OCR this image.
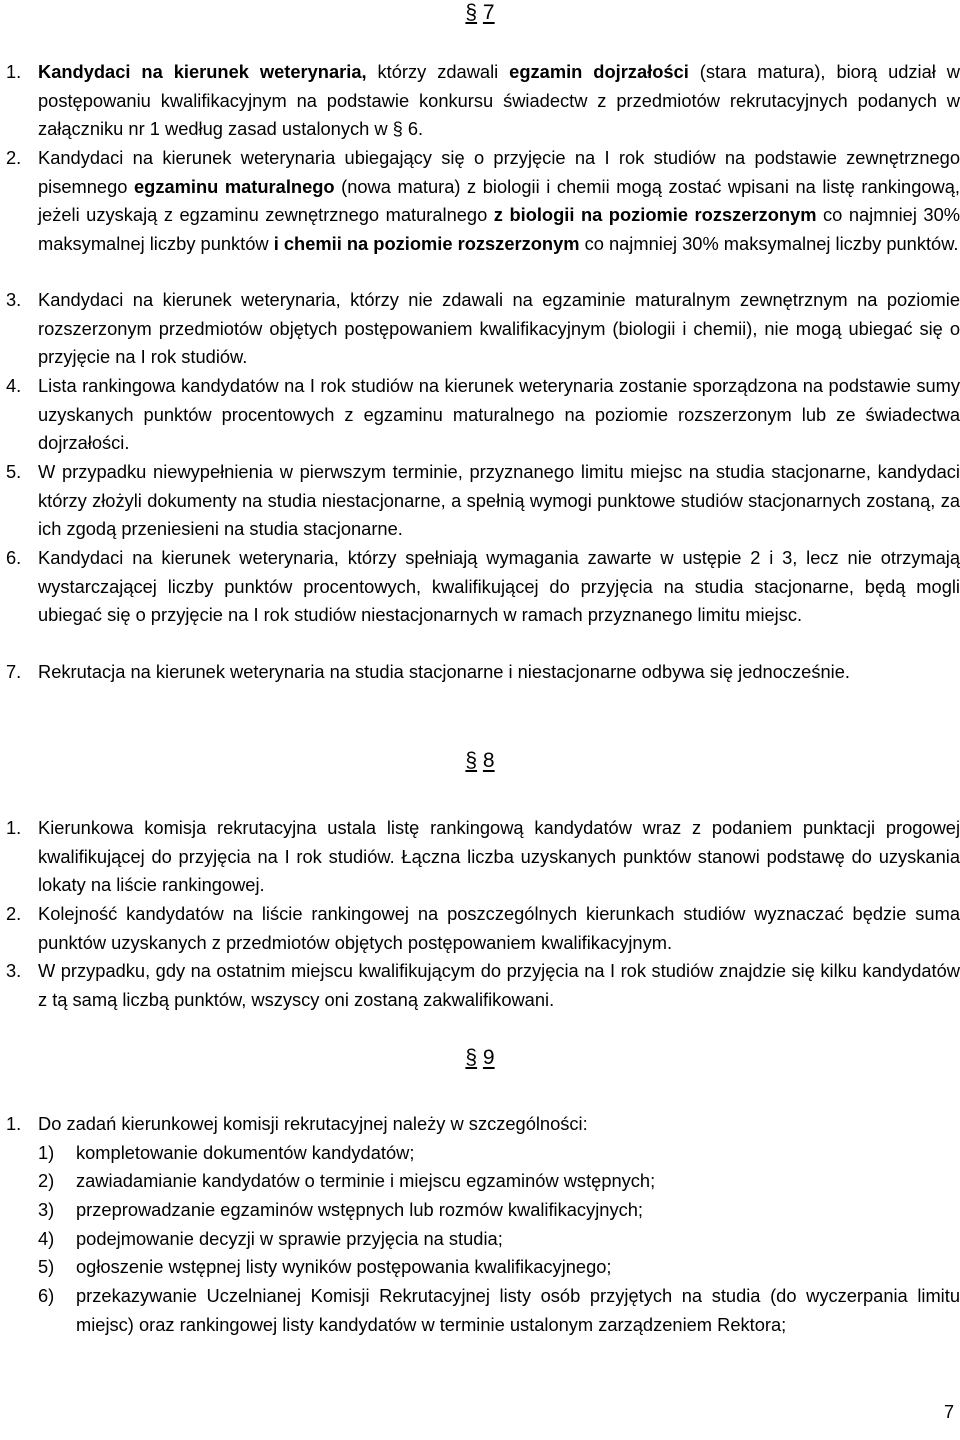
§ 7
1. Kandydaci na kierunek weterynaria, którzy zdawali egzamin dojrzałości (stara matura), biorą udział w postępowaniu kwalifikacyjnym na podstawie konkursu świadectw z przedmiotów rekrutacyjnych podanych w załączniku nr 1 według zasad ustalonych w § 6.
2. Kandydaci na kierunek weterynaria ubiegający się o przyjęcie na I rok studiów na podstawie zewnętrznego pisemnego egzaminu maturalnego (nowa matura) z biologii i chemii mogą zostać wpisani na listę rankingową, jeżeli uzyskają z egzaminu zewnętrznego maturalnego z biologii na poziomie rozszerzonym co najmniej 30% maksymalnej liczby punktów i chemii na poziomie rozszerzonym co najmniej 30% maksymalnej liczby punktów.
3. Kandydaci na kierunek weterynaria, którzy nie zdawali na egzaminie maturalnym zewnętrznym na poziomie rozszerzonym przedmiotów objętych postępowaniem kwalifikacyjnym (biologii i chemii), nie mogą ubiegać się o przyjęcie na I rok studiów.
4. Lista rankingowa kandydatów na I rok studiów na kierunek weterynaria zostanie sporządzona na podstawie sumy uzyskanych punktów procentowych z egzaminu maturalnego na poziomie rozszerzonym lub ze świadectwa dojrzałości.
5. W przypadku niewypełnienia w pierwszym terminie, przyznanego limitu miejsc na studia stacjonarne, kandydaci którzy złożyli dokumenty na studia niestacjonarne, a spełnią wymogi punktowe studiów stacjonarnych zostaną, za ich zgodą przeniesieni na studia stacjonarne.
6. Kandydaci na kierunek weterynaria, którzy spełniają wymagania zawarte w ustępie 2 i 3, lecz nie otrzymają wystarczającej liczby punktów procentowych, kwalifikującej do przyjęcia na studia stacjonarne, będą mogli ubiegać się o przyjęcie na I rok studiów niestacjonarnych w ramach przyznanego limitu miejsc.
7. Rekrutacja na kierunek weterynaria na studia stacjonarne i niestacjonarne odbywa się jednocześnie.
§ 8
1. Kierunkowa komisja rekrutacyjna ustala listę rankingową kandydatów wraz z podaniem punktacji progowej kwalifikującej do przyjęcia na I rok studiów. Łączna liczba uzyskanych punktów stanowi podstawę do uzyskania lokaty na liście rankingowej.
2. Kolejność kandydatów na liście rankingowej na poszczególnych kierunkach studiów wyznaczać będzie suma punktów uzyskanych z przedmiotów objętych postępowaniem kwalifikacyjnym.
3. W przypadku, gdy na ostatnim miejscu kwalifikującym do przyjęcia na I rok studiów znajdzie się kilku kandydatów z tą samą liczbą punktów, wszyscy oni zostaną zakwalifikowani.
§ 9
1. Do zadań kierunkowej komisji rekrutacyjnej należy w szczególności:
1) kompletowanie dokumentów kandydatów;
2) zawiadamianie kandydatów o terminie i miejscu egzaminów wstępnych;
3) przeprowadzanie egzaminów wstępnych lub rozmów kwalifikacyjnych;
4) podejmowanie decyzji w sprawie przyjęcia na studia;
5) ogłoszenie wstępnej listy wyników postępowania kwalifikacyjnego;
6) przekazywanie Uczelnianej Komisji Rekrutacyjnej listy osób przyjętych na studia (do wyczerpania limitu miejsc) oraz rankingowej listy kandydatów w terminie ustalonym zarządzeniem Rektora;
7
